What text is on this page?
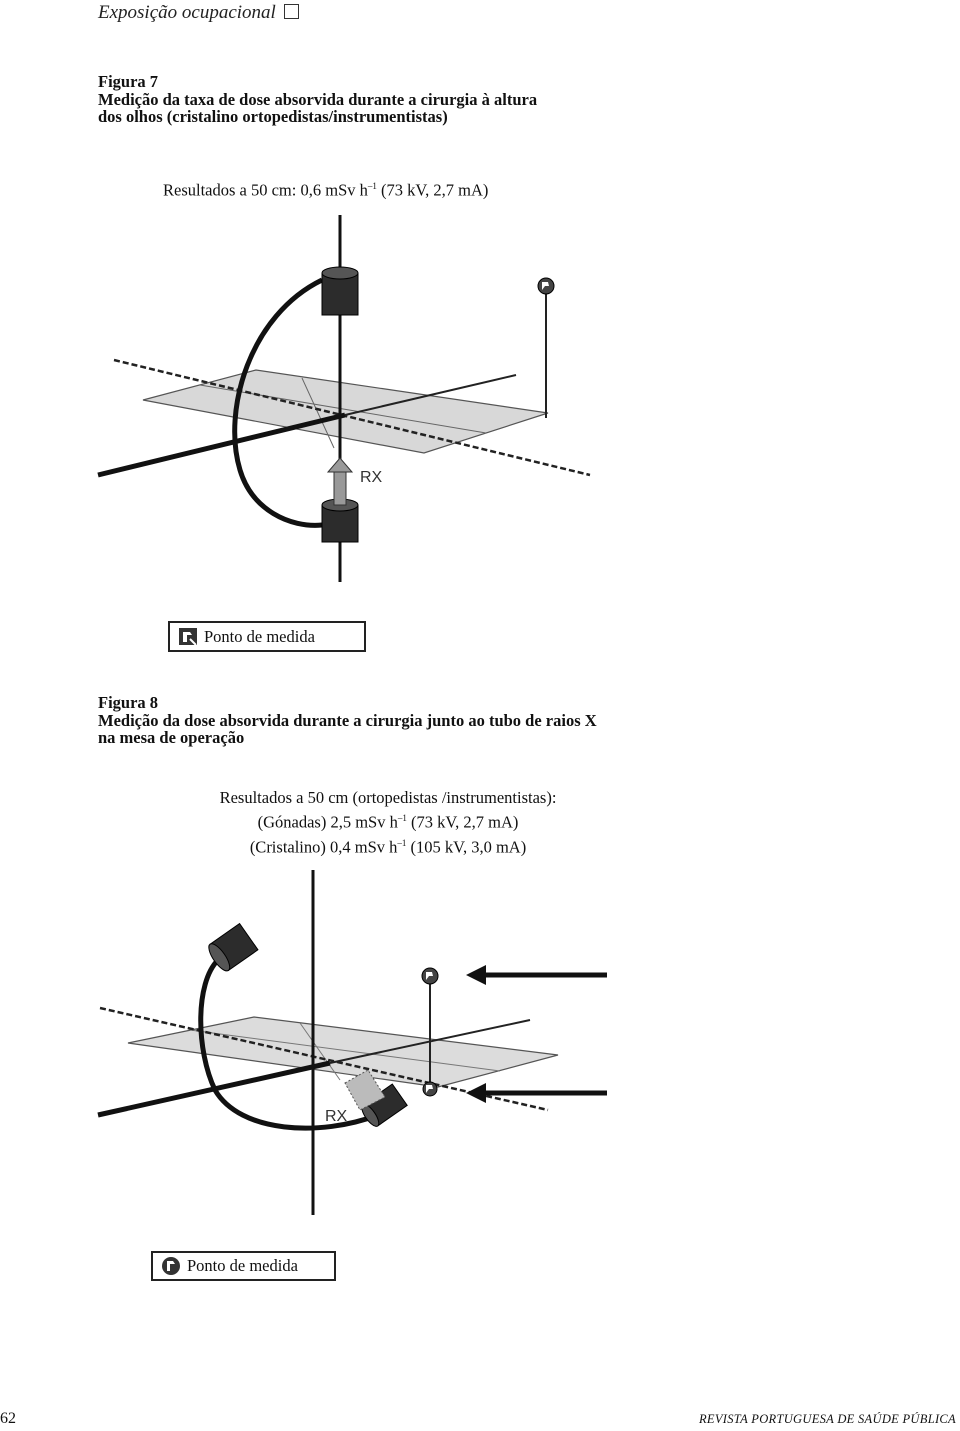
Exposição ocupacional
Figura 7
Medição da taxa de dose absorvida durante a cirurgia à altura
dos olhos (cristalino ortopedistas/instrumentistas)
Resultados a 50 cm: 0,6 mSv $h^{-1}$ (73 kV, 2,7 mA)
RX
Ponto de medida
Figura 8
Medição da dose absorvida durante a cirurgia junto ao tubo de raios X
na mesa de operação
Resultados a 50 cm (ortopedistas /instrumentistas):
(Gónadas) 2,5 mSv $h^{-1}$ (73 kV, 2,7 mA)
(Cristalino) 0,4 mSv $h^{-1}$ (105 kV, 3,0 mA)
RX
Ponto de medida
62	REVISTA PORTUGUESA DE SAÚDE PÚBLICA
